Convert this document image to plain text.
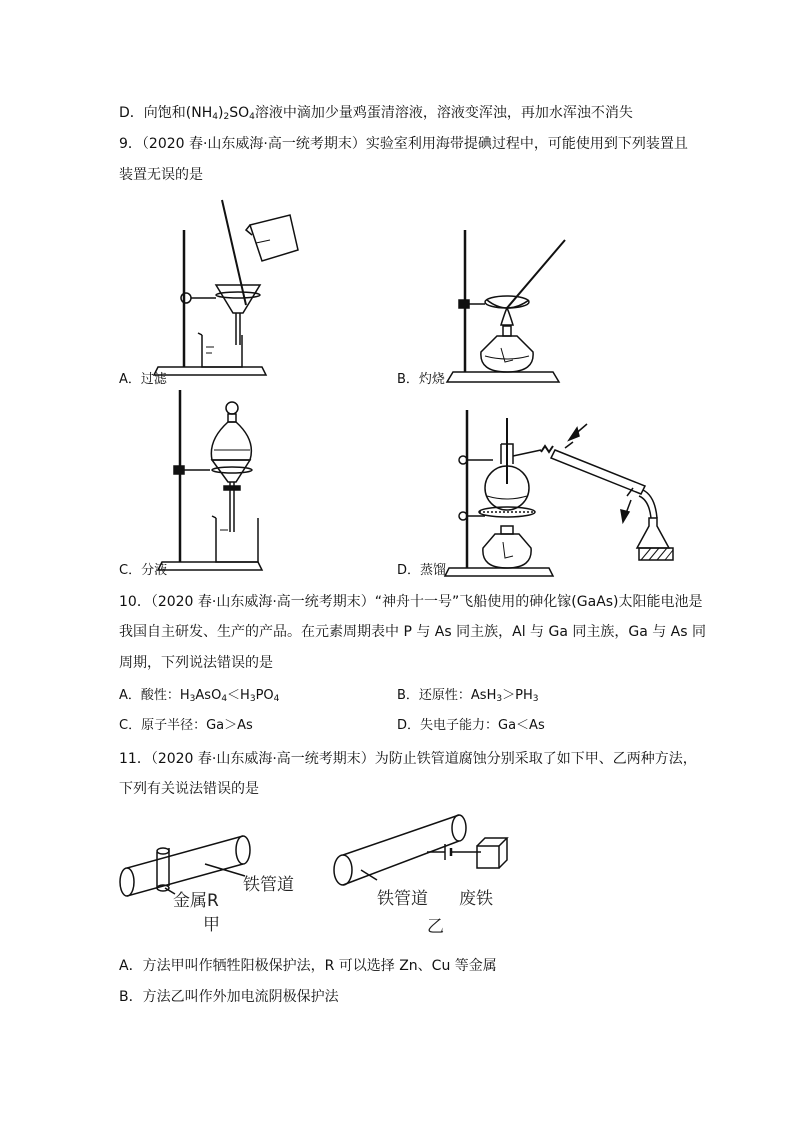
D．向饱和$(NH_4)_2SO_4$溶液中滴加少量鸡蛋清溶液，溶液变浑浊，再加水浑浊不消失
9．（2020 春·山东威海·高一统考期末）实验室利用海带提碘过程中，可能使用到下列装置且
装置无误的是
A．过滤	B．灼烧
C．分液	D．蒸馏
10．（2020 春·山东威海·高一统考期末）“神舟十一号”飞船使用的砷化镓(GaAs)太阳能电池是
我国自主研发、生产的产品。在元素周期表中 P 与 As 同主族，Al 与 Ga 同主族，Ga 与 As 同
周期，下列说法错误的是
A．酸性：$H_3AsO_4<H_3PO_4$	B．还原性：$AsH_3>PH_3$
C．原子半径：Ga＞As	D．失电子能力：Ga＜As
11．（2020 春·山东威海·高一统考期末）为防止铁管道腐蚀分别采取了如下甲、乙两种方法，
下列有关说法错误的是
金属R
铁管道
甲
铁管道 废铁
乙
A．方法甲叫作牺牲阳极保护法，R 可以选择 Zn、Cu 等金属
B．方法乙叫作外加电流阴极保护法
